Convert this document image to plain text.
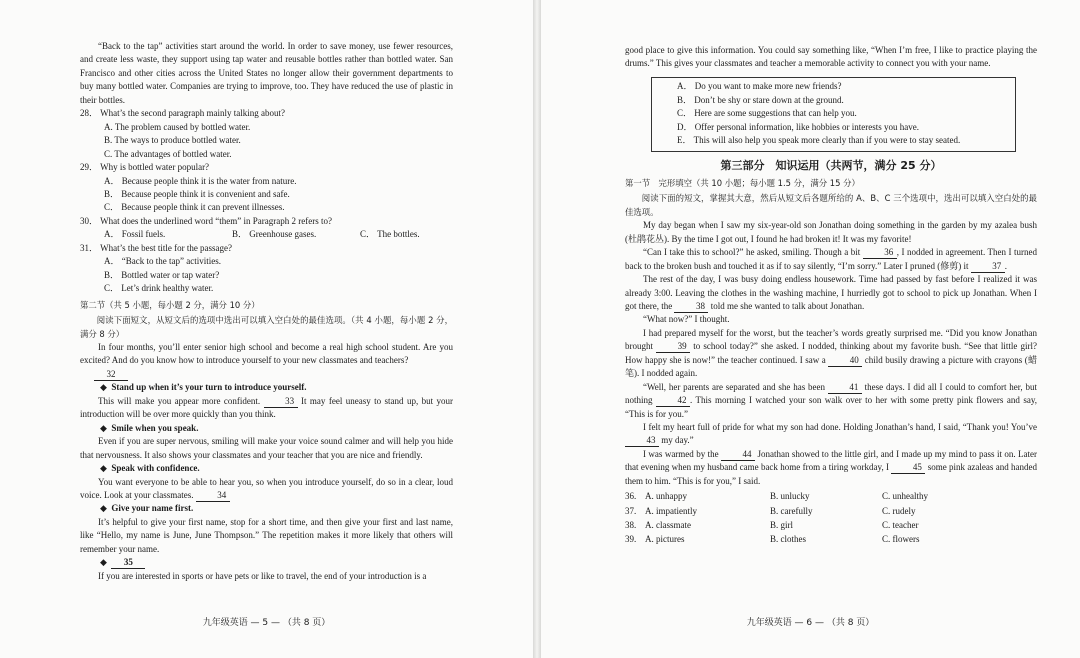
“Back to the tap” activities start around the world. In order to save money, use fewer resources, and create less waste, they support using tap water and reusable bottles rather than bottled water. San Francisco and other cities across the United States no longer allow their government departments to buy many bottled water. Companies are trying to improve, too. They have reduced the use of plastic in their bottles.

28． What’s the second paragraph mainly talking about?

A. The problem caused by bottled water.

B. The ways to produce bottled water.

C. The advantages of bottled water.

29． Why is bottled water popular?

A． Because people think it is the water from nature.

B． Because people think it is convenient and safe.

C． Because people think it can prevent illnesses.

30． What does the underlined word “them” in Paragraph 2 refers to?

A． Fossil fuels.	B． Greenhouse gases.	C． The bottles.

31． What’s the best title for the passage?

A． “Back to the tap” activities.

B． Bottled water or tap water?

C． Let’s drink healthy water.

第二节（共 5 小题，每小题 2 分，满分 10 分）

阅读下面短文，从短文后的选项中选出可以填入空白处的最佳选项。（共 4 小题，每小题 2 分，满分 8 分）

In four months, you’ll enter senior high school and become a real high school student. Are you excited? And do you know how to introduce yourself to your new classmates and teachers?

32

◆  Stand up when it’s your turn to introduce yourself.

This will make you appear more confident.	33 It may feel uneasy to stand up, but your introduction will be over more quickly than you think.

◆  Smile when you speak.

Even if you are super nervous, smiling will make your voice sound calmer and will help you hide that nervousness. It also shows your classmates and your teacher that you are nice and friendly.

◆  Speak with confidence.

You want everyone to be able to hear you, so when you introduce yourself, do so in a clear, loud voice. Look at your classmates.	34

◆  Give your name first.

It’s helpful to give your first name, stop for a short time, and then give your first and last name, like “Hello, my name is June, June Thompson.” The repetition makes it more likely that others will remember your name.

◆  35

If you are interested in sports or have pets or like to travel, the end of your introduction is a

九年级英语 — 5 — （共 8 页）

good place to give this information. You could say something like, “When I’m free, I like to practice playing the drums.” This gives your classmates and teacher a memorable activity to connect you with your name.

A． Do you want to make more new friends?

B． Don’t be shy or stare down at the ground.

C． Here are some suggestions that can help you.

D． Offer personal information, like hobbies or interests you have.

E． This will also help you speak more clearly than if you were to stay seated.

第三部分　知识运用（共两节，满分 25 分）

第一节　完形填空（共 10 小题；每小题 1.5 分，满分 15 分）

阅读下面的短文，掌握其大意，然后从短文后各题所给的 A、B、C 三个选项中，选出可以填入空白处的最佳选项。

My day began when I saw my six-year-old son Jonathan doing something in the garden by my azalea bush (杜鹃花丛). By the time I got out, I found he had broken it! It was my favorite!

“Can I take this to school?” he asked, smiling. Though a bit	36 , I nodded in agreement. Then I turned back to the broken bush and touched it as if to say silently, “I’m sorry.” Later I pruned (修剪) it	37 .

The rest of the day, I was busy doing endless housework. Time had passed by fast before I realized it was already 3:00. Leaving the clothes in the washing machine, I hurriedly got to school to pick up Jonathan. When I got there, the	38 told me she wanted to talk about Jonathan.

“What now?” I thought.

I had prepared myself for the worst, but the teacher’s words greatly surprised me. “Did you know Jonathan brought	39 to school today?” she asked. I nodded, thinking about my favorite bush. “See that little girl? How happy she is now!” the teacher continued. I saw a	40 child busily drawing a picture with crayons (蜡笔). I nodded again.

“Well, her parents are separated and she has been	41 these days. I did all I could to comfort her, but nothing	42 . This morning I watched your son walk over to her with some pretty pink flowers and say, “This is for you.”

I felt my heart full of pride for what my son had done. Holding Jonathan’s hand, I said, “Thank you! You’ve 43 my day.”

I was warmed by the	44 Jonathan showed to the little girl, and I made up my mind to pass it on. Later that evening when my husband came back home from a tiring workday, I	45 some pink azaleas and handed them to him. “This is for you,” I said.

36. A. unhappy	B. unlucky	C. unhealthy
37. A. impatiently	B. carefully	C. rudely
38. A. classmate	B. girl	C. teacher
39. A. pictures	B. clothes	C. flowers
九年级英语 — 6 — （共 8 页）
